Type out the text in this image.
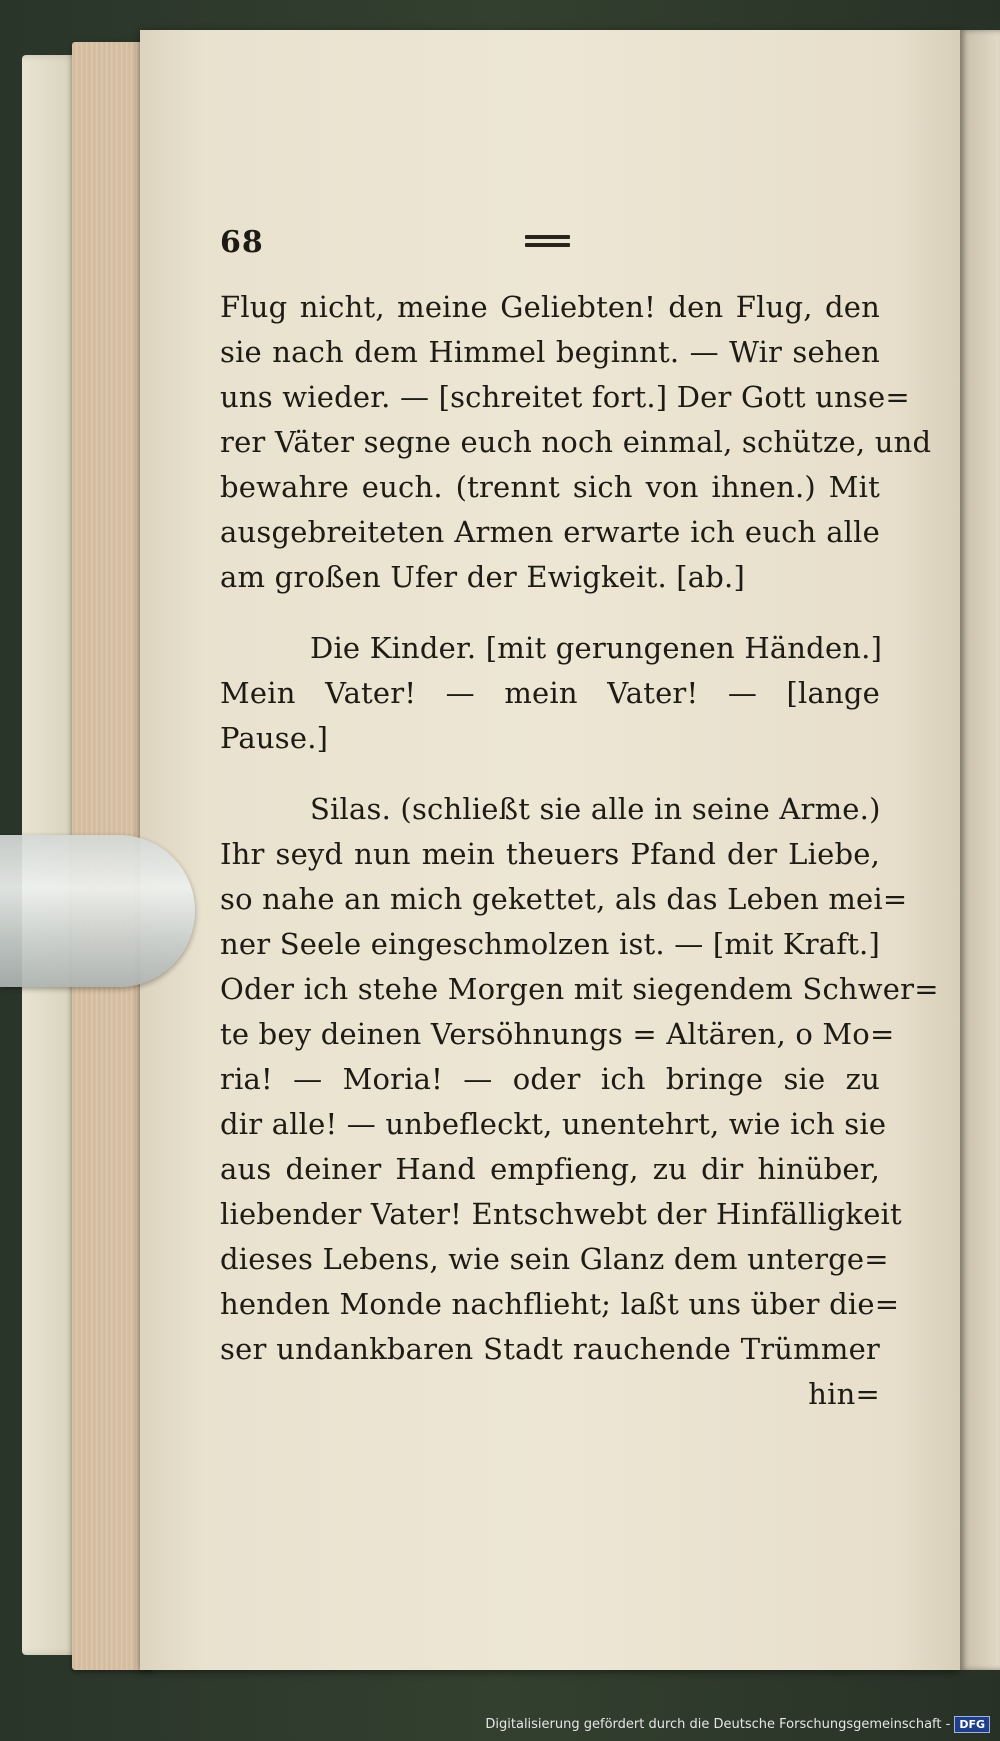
68
Flug nicht, meine Geliebten! den Flug, den
sie nach dem Himmel beginnt. — Wir sehen
uns wieder. — [schreitet fort.] Der Gott unse=
rer Väter segne euch noch einmal, schütze, und
bewahre euch. (trennt sich von ihnen.) Mit
ausgebreiteten Armen erwarte ich euch alle
am großen Ufer der Ewigkeit. [ab.]
Die Kinder. [mit gerungenen Händen.]
Mein Vater! — mein Vater! — [lange
Pause.]
Silas. (schließt sie alle in seine Arme.)
Ihr seyd nun mein theuers Pfand der Liebe,
so nahe an mich gekettet, als das Leben mei=
ner Seele eingeschmolzen ist. — [mit Kraft.]
Oder ich stehe Morgen mit siegendem Schwer=
te bey deinen Versöhnungs = Altären, o Mo=
ria! — Moria! — oder ich bringe sie zu
dir alle! — unbefleckt, unentehrt, wie ich sie
aus deiner Hand empfieng, zu dir hinüber,
liebender Vater! Entschwebt der Hinfälligkeit
dieses Lebens, wie sein Glanz dem unterge=
henden Monde nachflieht; laßt uns über die=
ser undankbaren Stadt rauchende Trümmer
hin=
Digitalisierung gefördert durch die Deutsche Forschungsgemeinschaft - DFG
